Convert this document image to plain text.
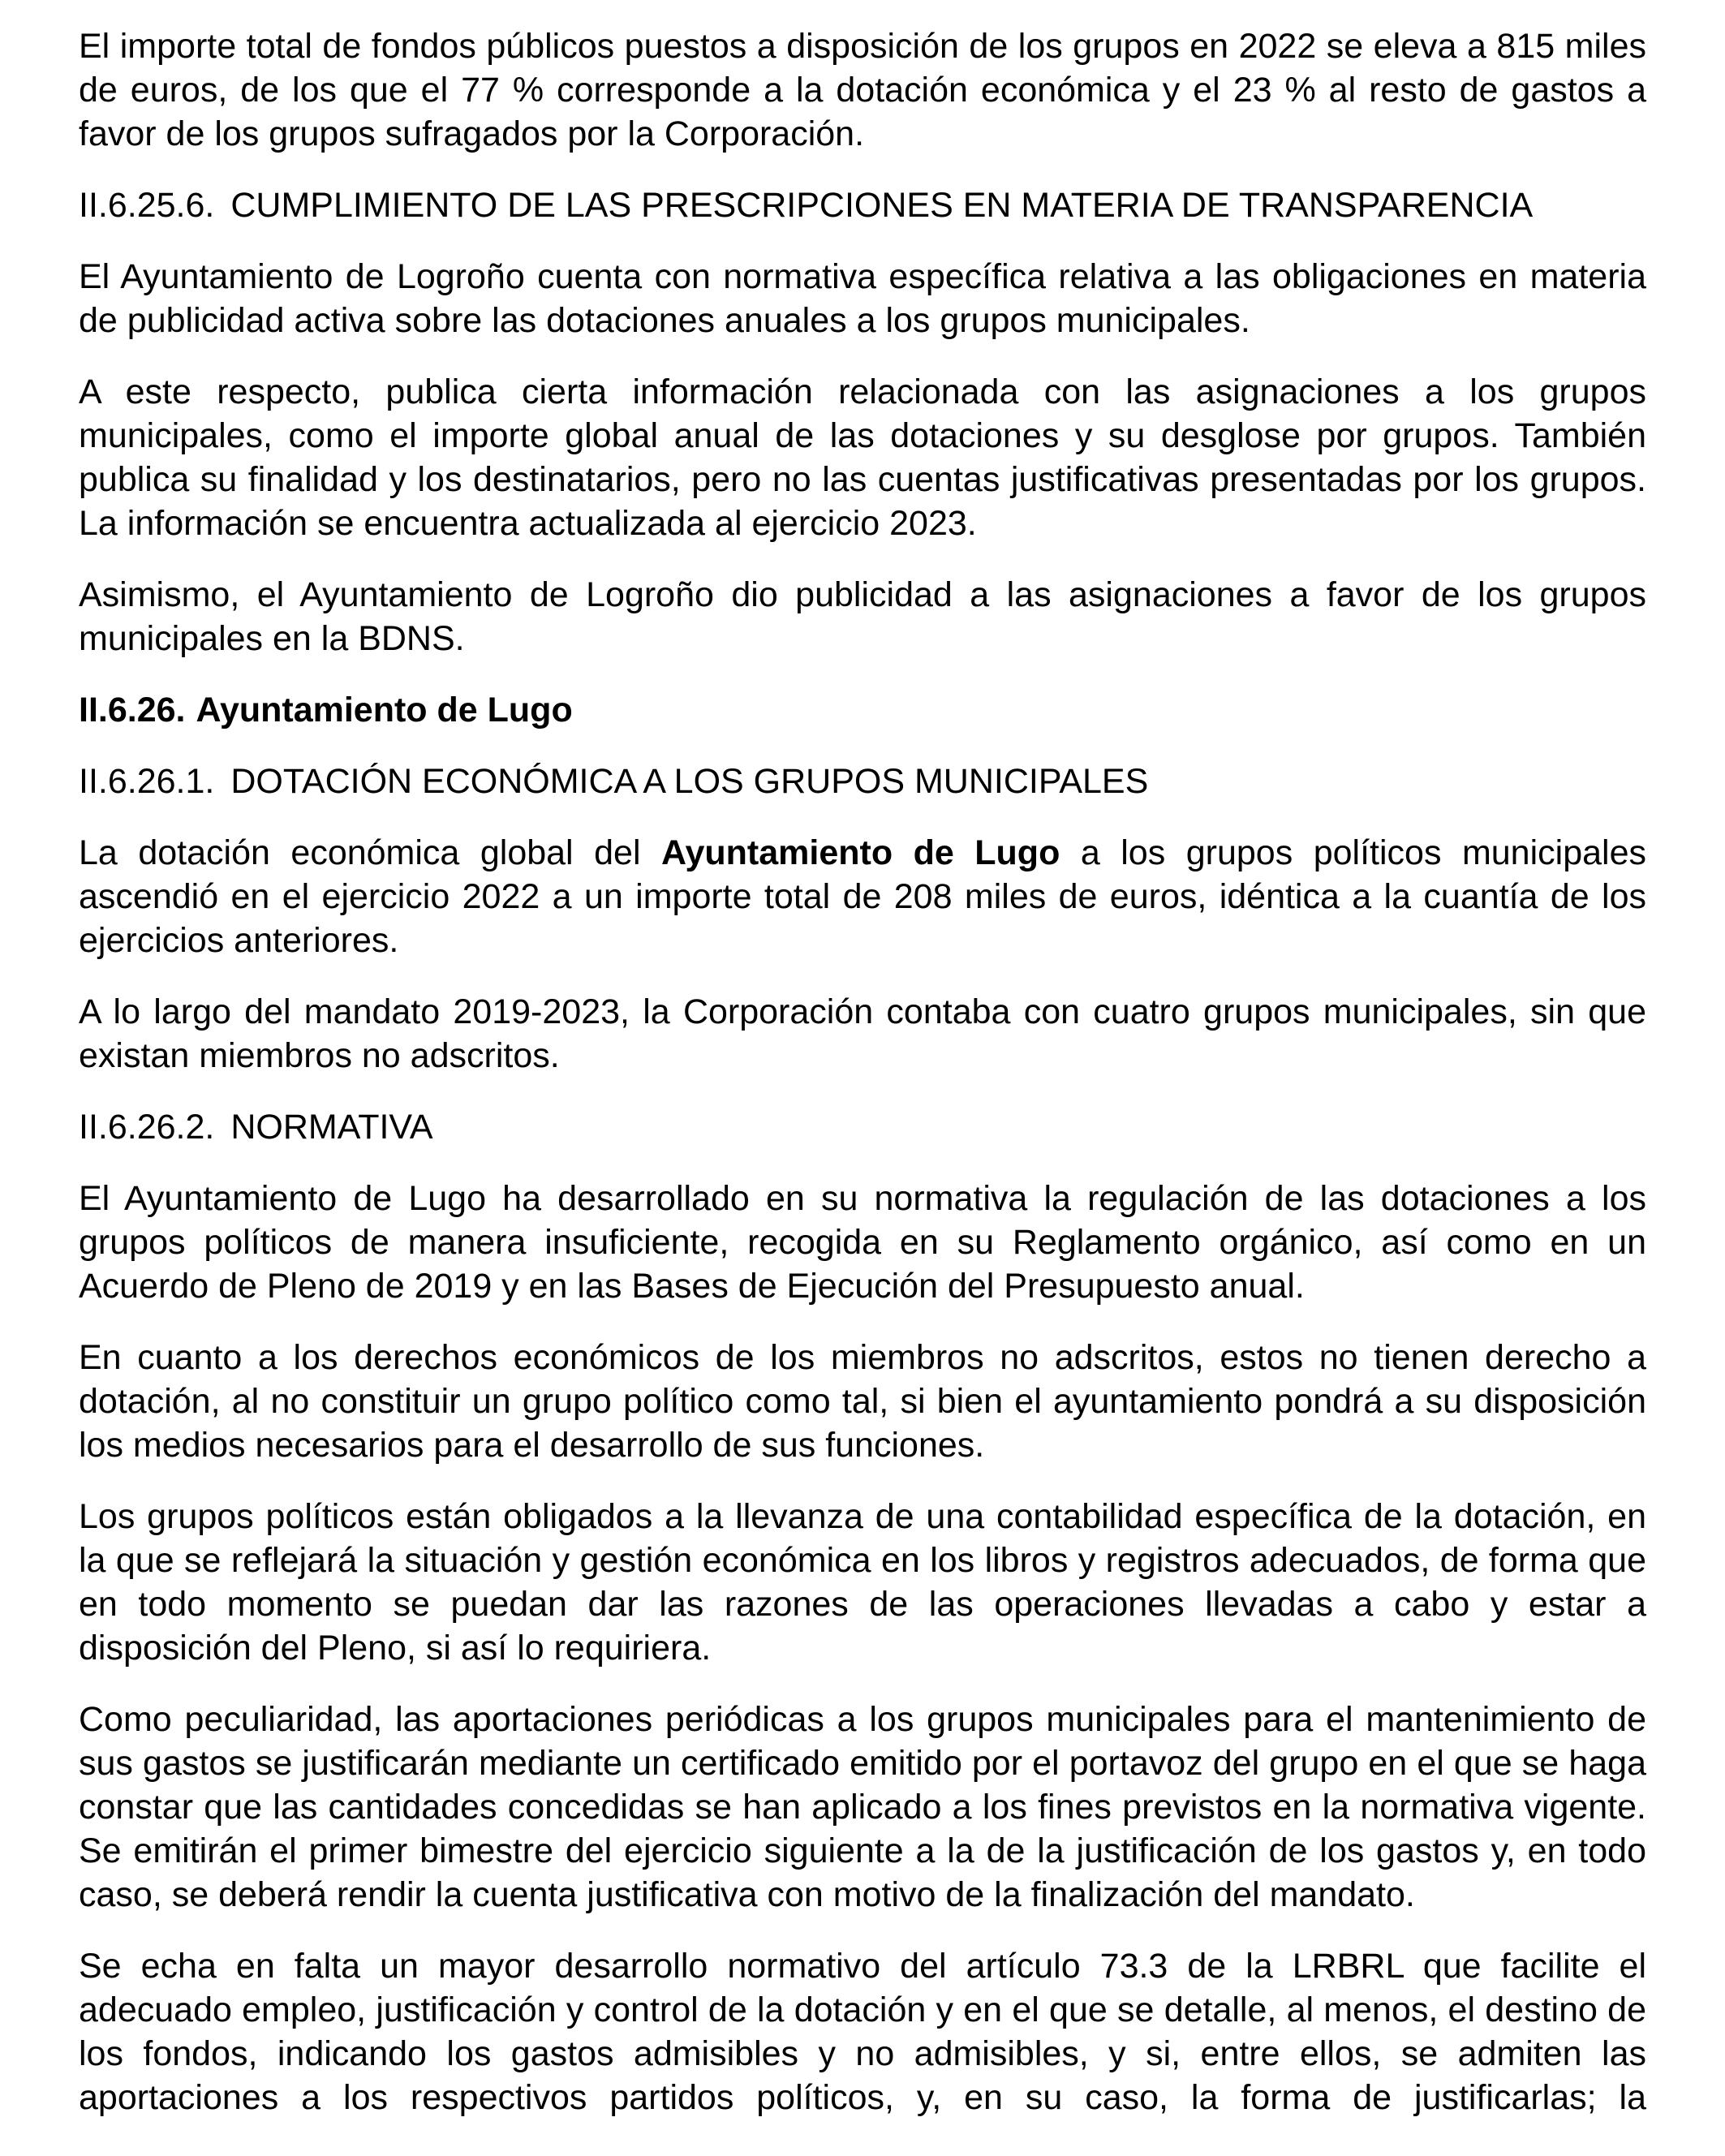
El importe total de fondos públicos puestos a disposición de los grupos en 2022 se eleva a 815 miles de euros, de los que el 77 % corresponde a la dotación económica y el 23 % al resto de gastos a favor de los grupos sufragados por la Corporación.

II.6.25.6. CUMPLIMIENTO DE LAS PRESCRIPCIONES EN MATERIA DE TRANSPARENCIA

El Ayuntamiento de Logroño cuenta con normativa específica relativa a las obligaciones en materia de publicidad activa sobre las dotaciones anuales a los grupos municipales.

A este respecto, publica cierta información relacionada con las asignaciones a los grupos municipales, como el importe global anual de las dotaciones y su desglose por grupos. También publica su finalidad y los destinatarios, pero no las cuentas justificativas presentadas por los grupos. La información se encuentra actualizada al ejercicio 2023.

Asimismo, el Ayuntamiento de Logroño dio publicidad a las asignaciones a favor de los grupos municipales en la BDNS.

II.6.26. Ayuntamiento de Lugo
II.6.26.1. DOTACIÓN ECONÓMICA A LOS GRUPOS MUNICIPALES

La dotación económica global del Ayuntamiento de Lugo a los grupos políticos municipales ascendió en el ejercicio 2022 a un importe total de 208 miles de euros, idéntica a la cuantía de los ejercicios anteriores.

A lo largo del mandato 2019-2023, la Corporación contaba con cuatro grupos municipales, sin que existan miembros no adscritos.

II.6.26.2. NORMATIVA

El Ayuntamiento de Lugo ha desarrollado en su normativa la regulación de las dotaciones a los grupos políticos de manera insuficiente, recogida en su Reglamento orgánico, así como en un Acuerdo de Pleno de 2019 y en las Bases de Ejecución del Presupuesto anual.

En cuanto a los derechos económicos de los miembros no adscritos, estos no tienen derecho a dotación, al no constituir un grupo político como tal, si bien el ayuntamiento pondrá a su disposición los medios necesarios para el desarrollo de sus funciones.

Los grupos políticos están obligados a la llevanza de una contabilidad específica de la dotación, en la que se reflejará la situación y gestión económica en los libros y registros adecuados, de forma que en todo momento se puedan dar las razones de las operaciones llevadas a cabo y estar a disposición del Pleno, si así lo requiriera.

Como peculiaridad, las aportaciones periódicas a los grupos municipales para el mantenimiento de sus gastos se justificarán mediante un certificado emitido por el portavoz del grupo en el que se haga constar que las cantidades concedidas se han aplicado a los fines previstos en la normativa vigente. Se emitirán el primer bimestre del ejercicio siguiente a la de la justificación de los gastos y, en todo caso, se deberá rendir la cuenta justificativa con motivo de la finalización del mandato.

Se echa en falta un mayor desarrollo normativo del artículo 73.3 de la LRBRL que facilite el adecuado empleo, justificación y control de la dotación y en el que se detalle, al menos, el destino de los fondos, indicando los gastos admisibles y no admisibles, y si, entre ellos, se admiten las aportaciones a los respectivos partidos políticos, y, en su caso, la forma de justificarlas; la
